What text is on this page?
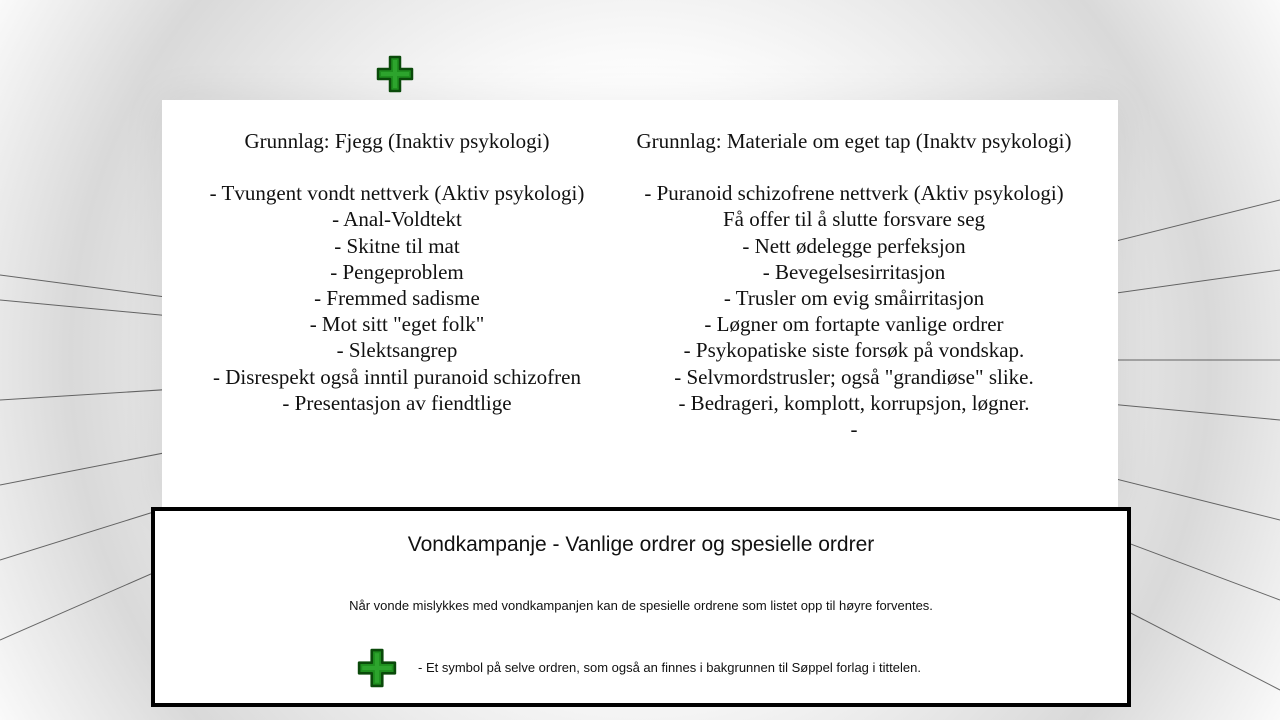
Grunnlag: Fjegg (Inaktiv psykologi)
- Tvungent vondt nettverk (Aktiv psykologi)
- Anal-Voldtekt
- Skitne til mat
- Pengeproblem
- Fremmed sadisme
- Mot sitt "eget folk"
- Slektsangrep
- Disrespekt også inntil puranoid schizofren
- Presentasjon av fiendtlige
Grunnlag: Materiale om eget tap (Inaktv psykologi)
- Puranoid schizofrene nettverk (Aktiv psykologi)
Få offer til å slutte forsvare seg
- Nett ødelegge perfeksjon
- Bevegelsesirritasjon
- Trusler om evig småirritasjon
- Løgner om fortapte vanlige ordrer
- Psykopatiske siste forsøk på vondskap.
- Selvmordstrusler; også "grandiøse" slike.
- Bedrageri, komplott, korrupsjon, løgner.
-
Vondkampanje - Vanlige ordrer og spesielle ordrer
Når vonde mislykkes med vondkampanjen kan de spesielle ordrene som listet opp til høyre forventes.
- Et symbol på selve ordren, som også an finnes i bakgrunnen til Søppel forlag i tittelen.
